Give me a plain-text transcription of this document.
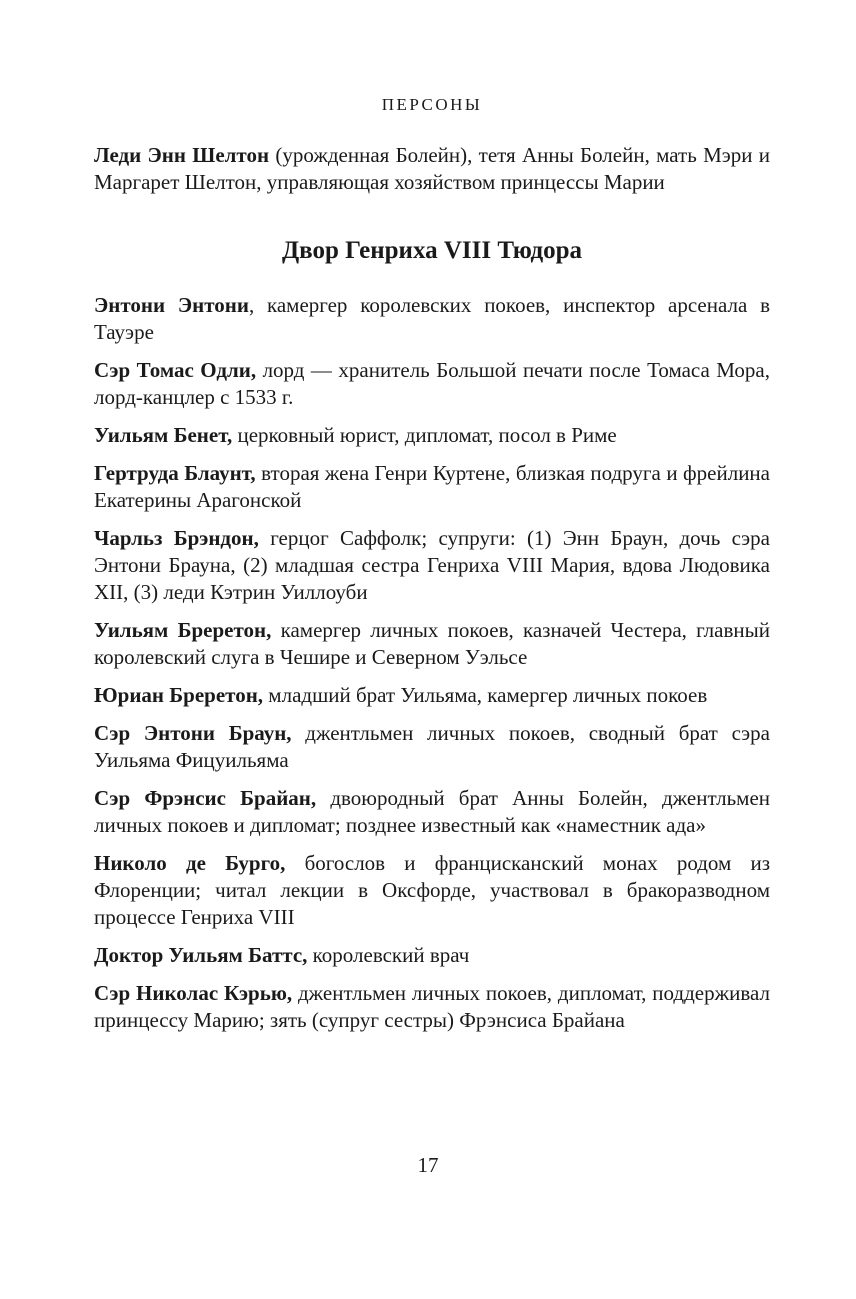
ПЕРСОНЫ

Леди Энн Шелтон (урожденная Болейн), тетя Анны Болейн, мать Мэри и Маргарет Шелтон, управляющая хозяйством принцессы Марии

Двор Генриха VIII Тюдора

Энтони Энтони, камергер королевских покоев, инспектор арсенала в Тауэре

Сэр Томас Одли, лорд — хранитель Большой печати после Томаса Мора, лорд-канцлер с 1533 г.

Уильям Бенет, церковный юрист, дипломат, посол в Риме

Гертруда Блаунт, вторая жена Генри Куртене, близкая подруга и фрейлина Екатерины Арагонской

Чарльз Брэндон, герцог Саффолк; супруги: (1) Энн Браун, дочь сэра Энтони Брауна, (2) младшая сестра Генриха VIII Мария, вдова Людовика XII, (3) леди Кэтрин Уиллоуби

Уильям Бреретон, камергер личных покоев, казначей Честера, главный королевский слуга в Чешире и Северном Уэльсе

Юриан Бреретон, младший брат Уильяма, камергер личных покоев

Сэр Энтони Браун, джентльмен личных покоев, сводный брат сэра Уильяма Фицуильяма

Сэр Фрэнсис Брайан, двоюродный брат Анны Болейн, джентльмен личных покоев и дипломат; позднее известный как «наместник ада»

Николо де Бурго, богослов и францисканский монах родом из Флоренции; читал лекции в Оксфорде, участвовал в бракоразводном процессе Генриха VIII

Доктор Уильям Баттс, королевский врач

Сэр Николас Кэрью, джентльмен личных покоев, дипломат, поддерживал принцессу Марию; зять (супруг сестры) Фрэнсиса Брайана

17
